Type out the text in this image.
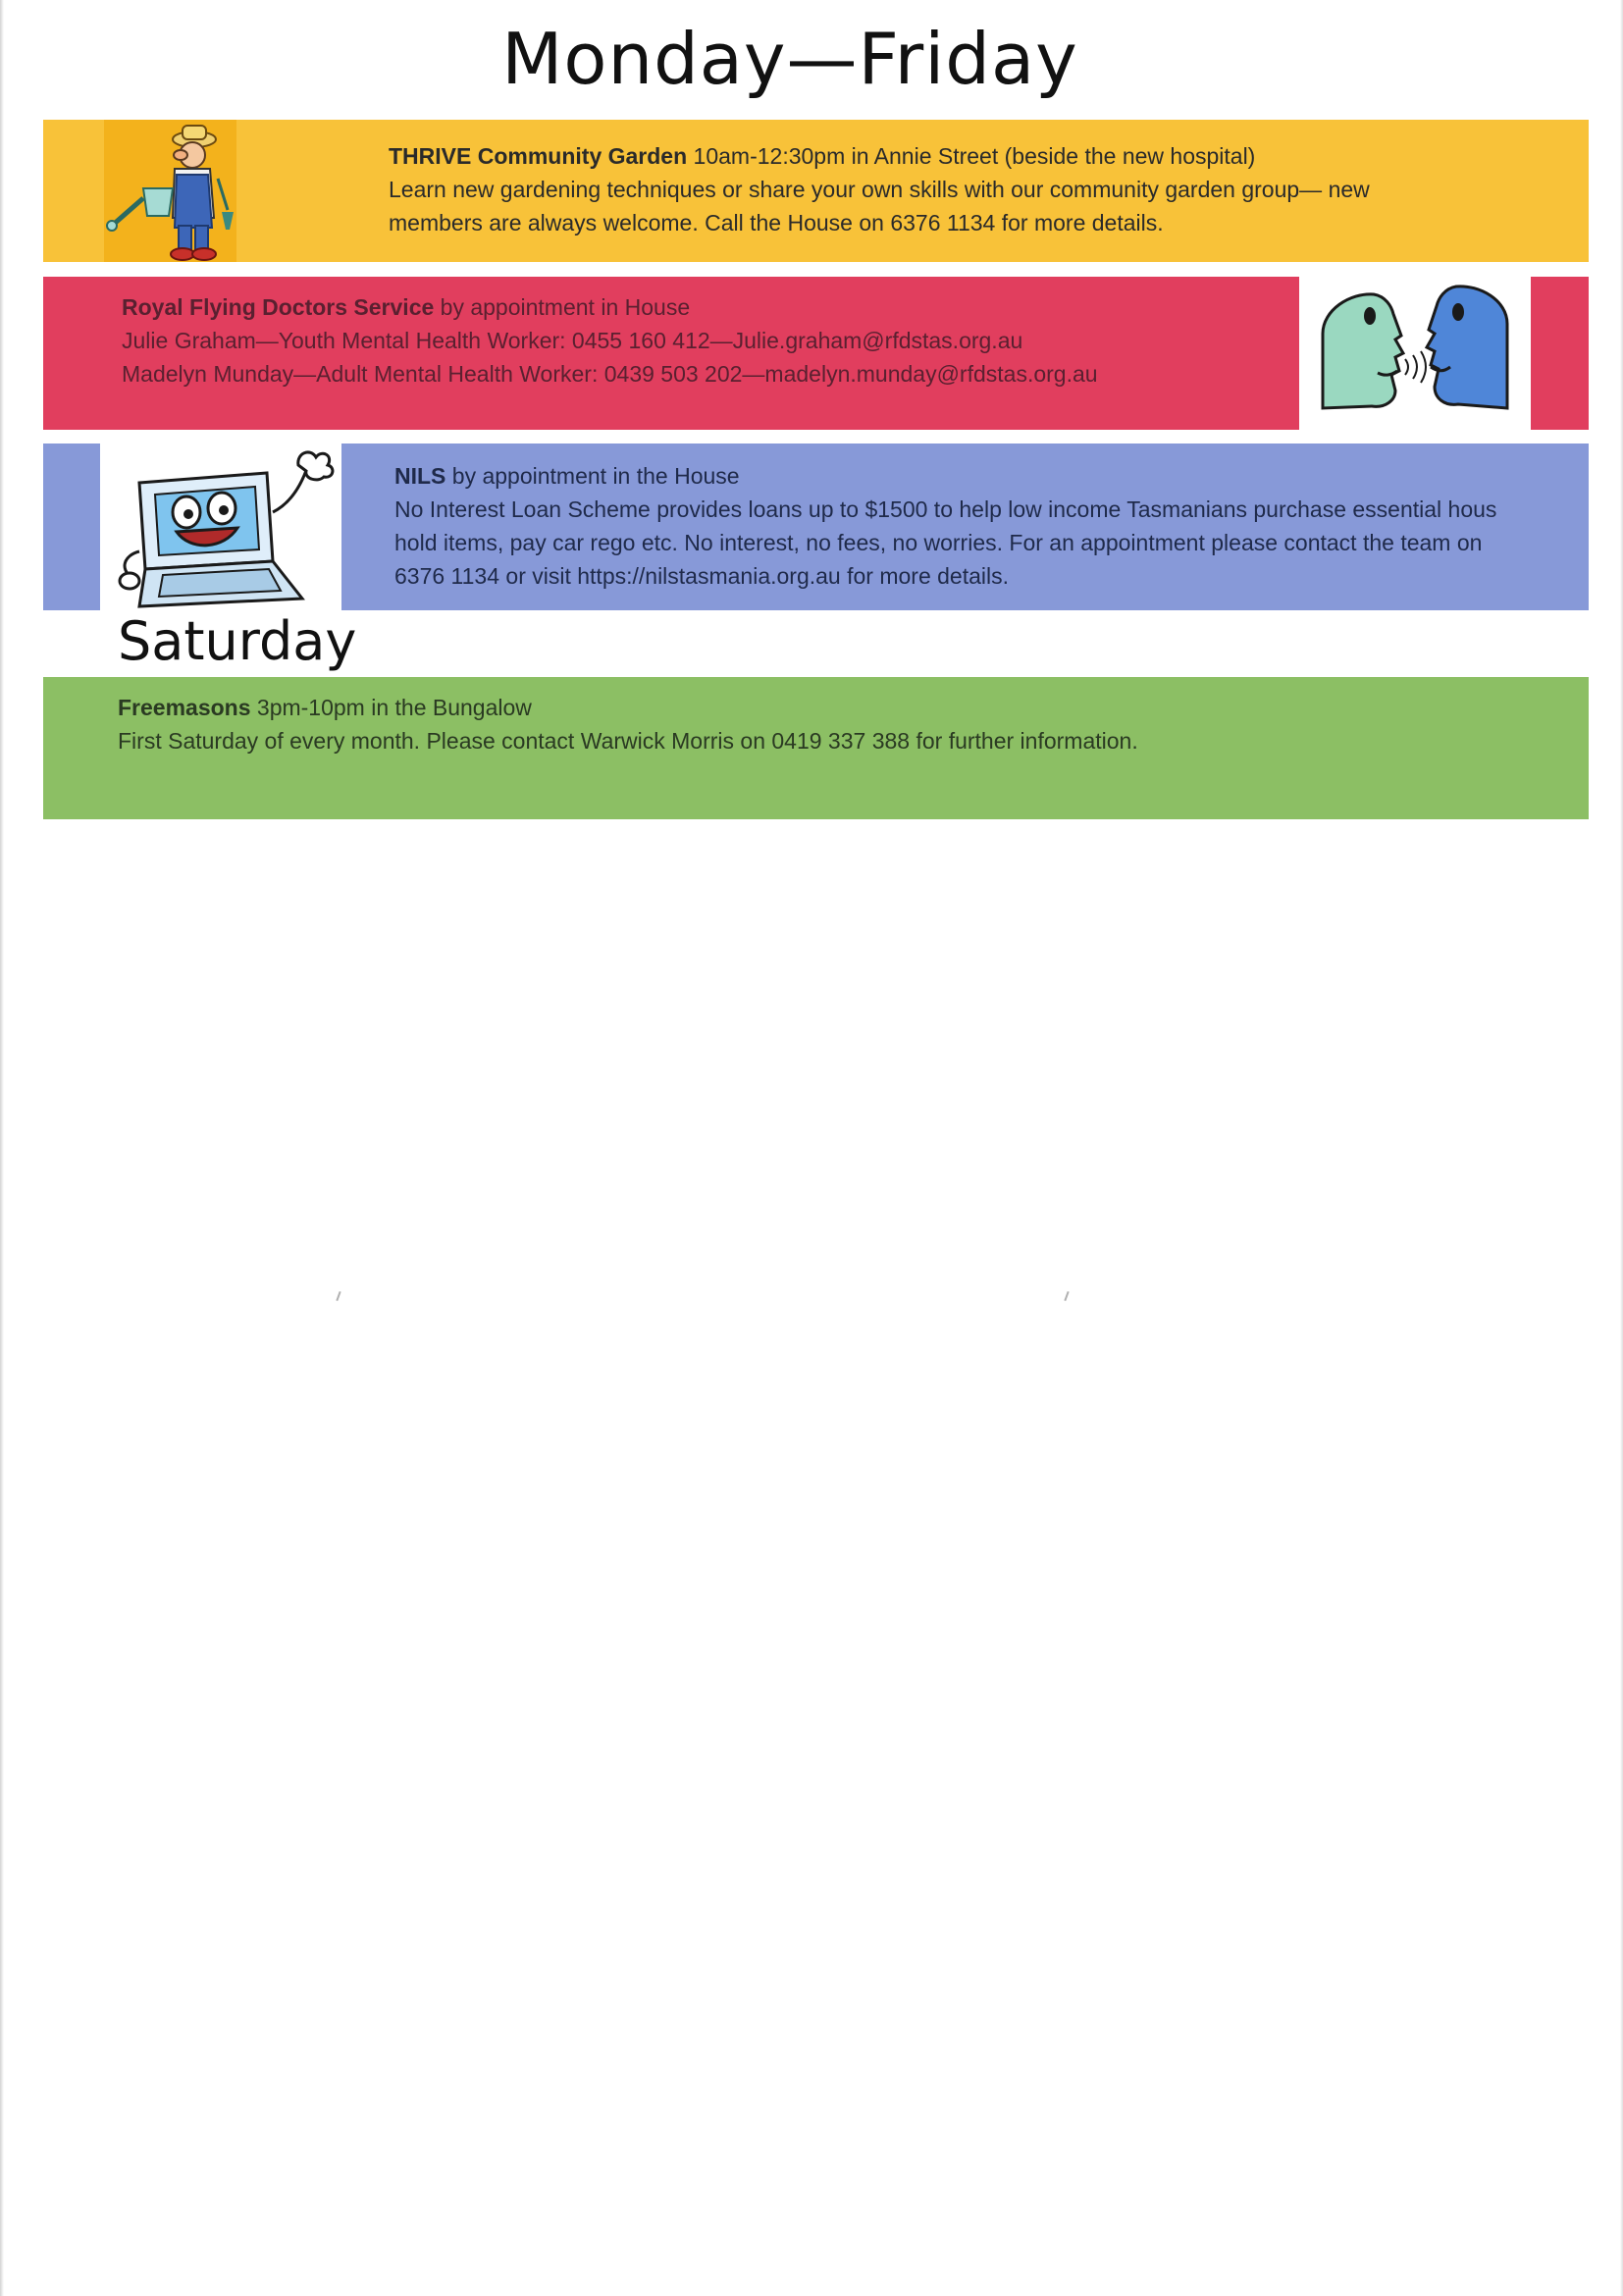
Monday—Friday
THRIVE Community Garden 10am-12:30pm in Annie Street (beside the new hospital)
Learn new gardening techniques or share your own skills with our community garden group— new
members are always welcome. Call the House on 6376 1134 for more details.
Royal Flying Doctors Service by appointment in House
Julie Graham—Youth Mental Health Worker: 0455 160 412—Julie.graham@rfdstas.org.au
Madelyn Munday—Adult Mental Health Worker: 0439 503 202—madelyn.munday@rfdstas.org.au
NILS by appointment in the House
No Interest Loan Scheme provides loans up to $1500 to help low income Tasmanians purchase essential hous
hold items, pay car rego etc. No interest, no fees, no worries. For an appointment please contact the team on
6376 1134 or visit https://nilstasmania.org.au for more details.
Saturday
Freemasons 3pm-10pm in the Bungalow
First Saturday of every month. Please contact Warwick Morris on 0419 337 388 for further information.
